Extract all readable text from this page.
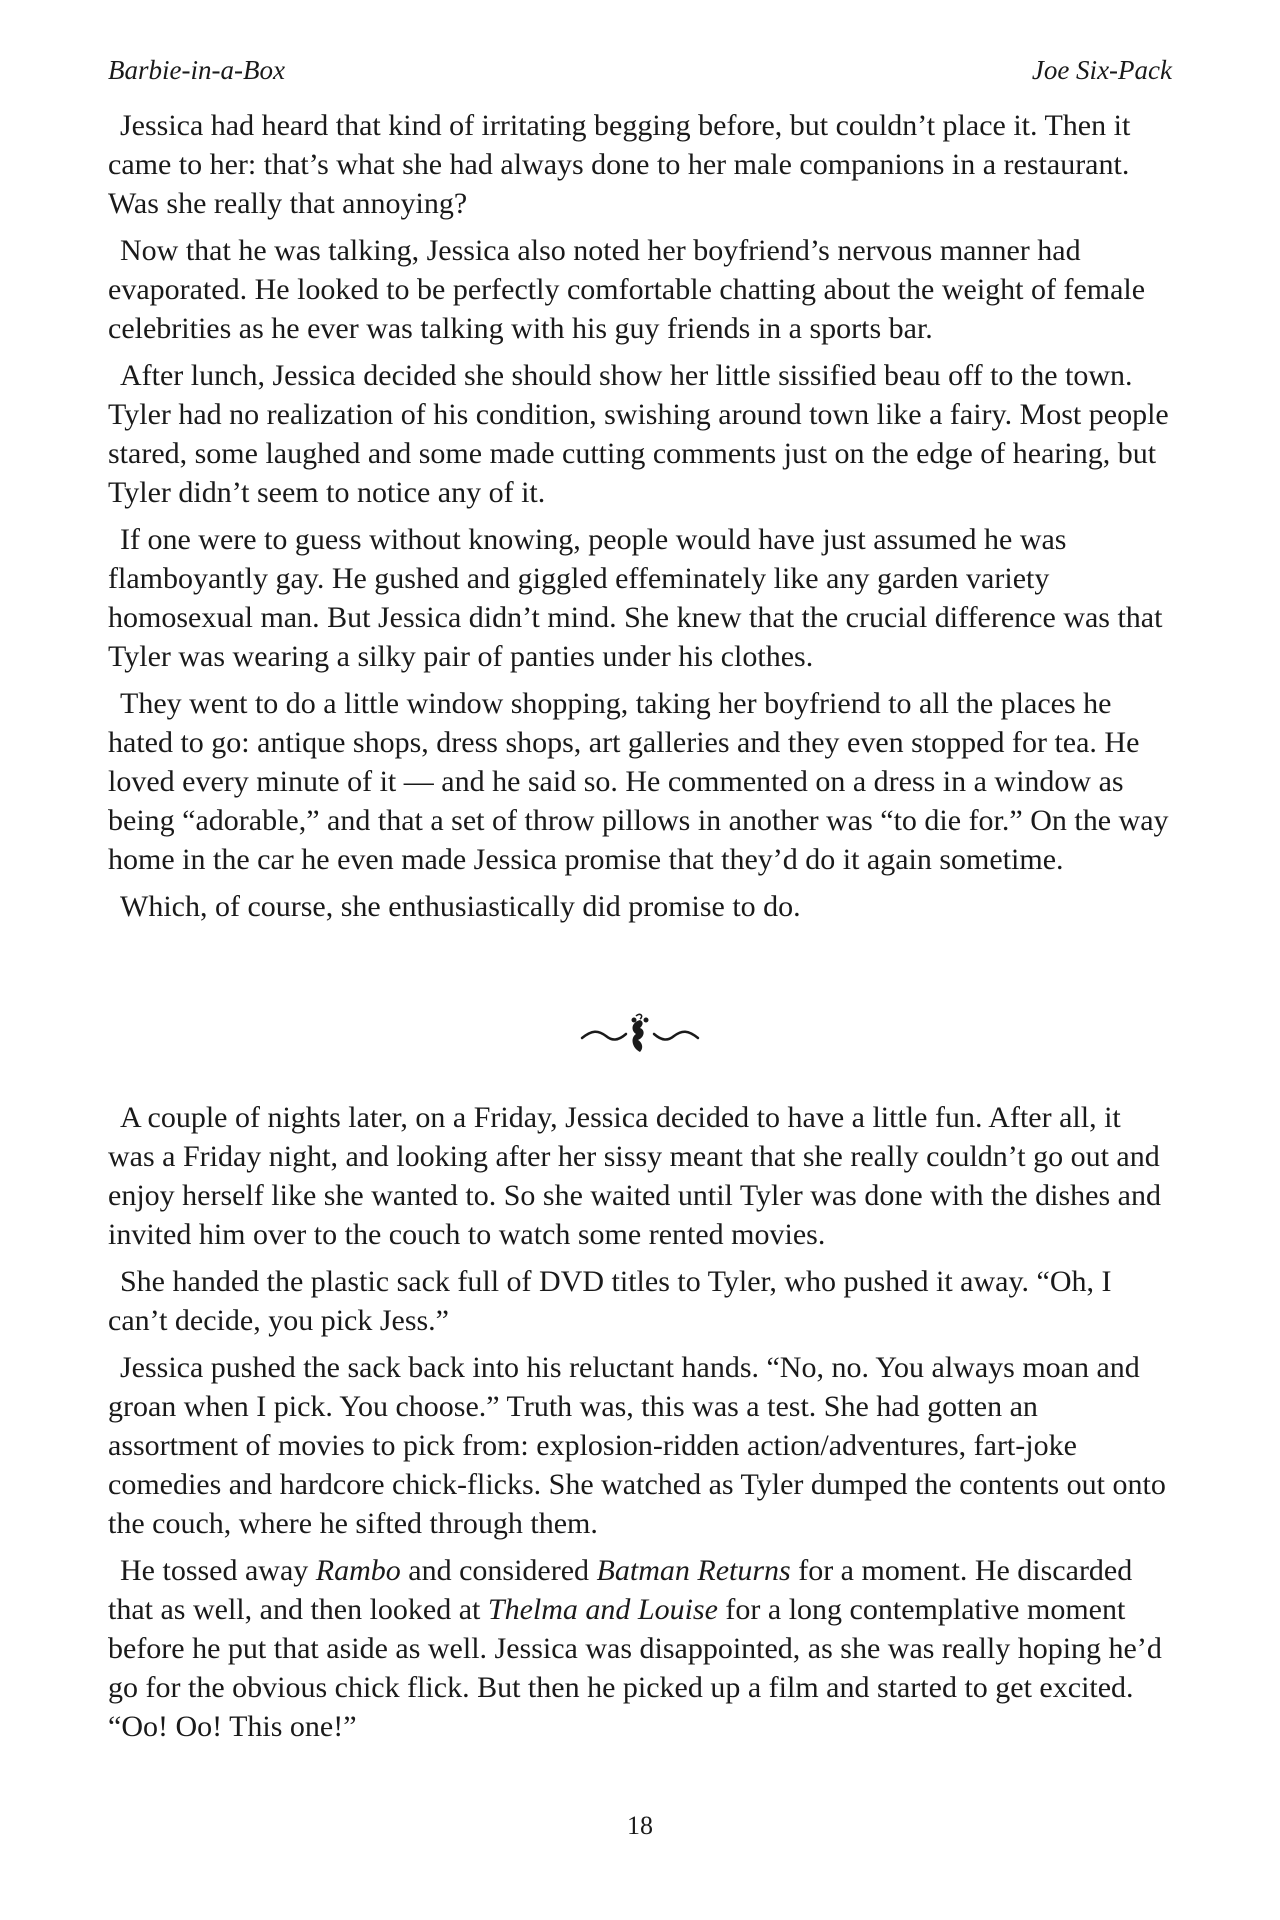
Barbie-in-a-Box	Joe Six-Pack

Jessica had heard that kind of irritating begging before, but couldn’t place it. Then it came to her: that’s what she had always done to her male companions in a restaurant. Was she really that annoying?

Now that he was talking, Jessica also noted her boyfriend’s nervous manner had evaporated. He looked to be perfectly comfortable chatting about the weight of female celebrities as he ever was talking with his guy friends in a sports bar.

After lunch, Jessica decided she should show her little sissified beau off to the town. Tyler had no realization of his condition, swishing around town like a fairy. Most people stared, some laughed and some made cutting comments just on the edge of hearing, but Tyler didn’t seem to notice any of it.

If one were to guess without knowing, people would have just assumed he was flamboyantly gay. He gushed and giggled effeminately like any garden variety homosexual man. But Jessica didn’t mind. She knew that the crucial difference was that Tyler was wearing a silky pair of panties under his clothes.

They went to do a little window shopping, taking her boyfriend to all the places he hated to go: antique shops, dress shops, art galleries and they even stopped for tea. He loved every minute of it — and he said so. He commented on a dress in a window as being “adorable,” and that a set of throw pillows in another was “to die for.” On the way home in the car he even made Jessica promise that they’d do it again sometime.

Which, of course, she enthusiastically did promise to do.

A couple of nights later, on a Friday, Jessica decided to have a little fun. After all, it was a Friday night, and looking after her sissy meant that she really couldn’t go out and enjoy herself like she wanted to. So she waited until Tyler was done with the dishes and invited him over to the couch to watch some rented movies.

She handed the plastic sack full of DVD titles to Tyler, who pushed it away. “Oh, I can’t decide, you pick Jess.”

Jessica pushed the sack back into his reluctant hands. “No, no. You always moan and groan when I pick. You choose.” Truth was, this was a test. She had gotten an assortment of movies to pick from: explosion-ridden action/adventures, fart-joke comedies and hardcore chick-flicks. She watched as Tyler dumped the contents out onto the couch, where he sifted through them.

He tossed away Rambo and considered Batman Returns for a moment. He discarded that as well, and then looked at Thelma and Louise for a long contemplative moment before he put that aside as well. Jessica was disappointed, as she was really hoping he’d go for the obvious chick flick. But then he picked up a film and started to get excited. “Oo! Oo! This one!”

18
